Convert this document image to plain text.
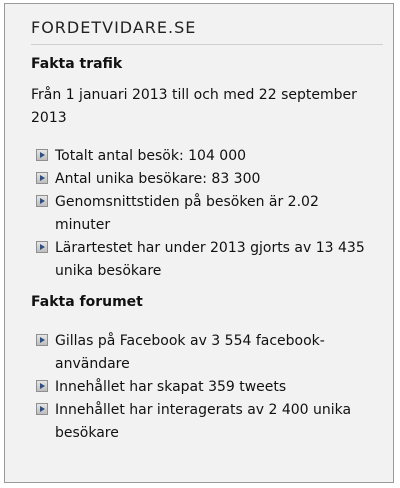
FORDETVIDARE.SE
Fakta trafik

Från 1 januari 2013 till och med 22 september 2013

Totalt antal besök: 104 000
Antal unika besökare: 83 300
Genomsnittstiden på besöken är 2.02 minuter
Lärartestet har under 2013 gjorts av 13 435 unika besökare
Fakta forumet
Gillas på Facebook av 3 554 facebook-användare
Innehållet har skapat 359 tweets
Innehållet har interagerats av 2 400 unika besökare
